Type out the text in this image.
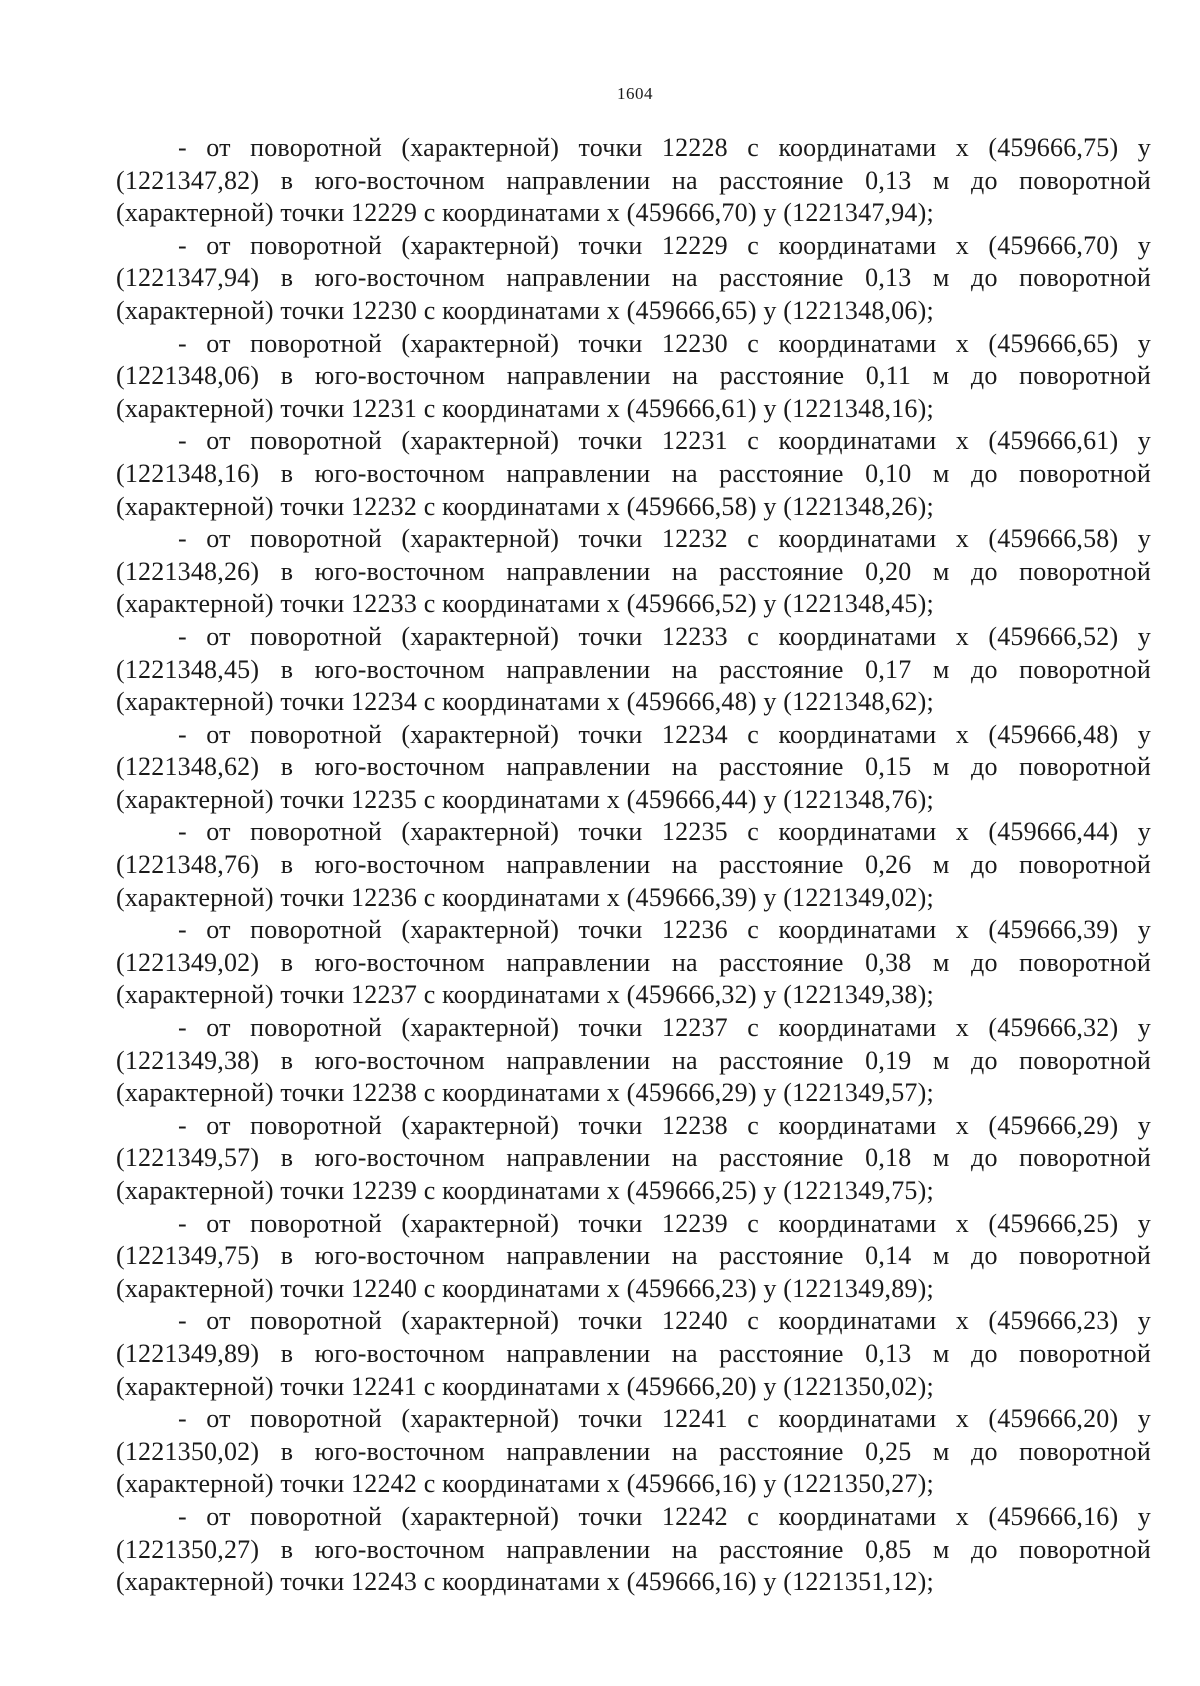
1604

- от поворотной (характерной) точки 12228 с координатами x (459666,75) y (1221347,82) в юго-восточном направлении на расстояние 0,13 м до поворотной (характерной) точки 12229 с координатами x (459666,70) y (1221347,94);

- от поворотной (характерной) точки 12229 с координатами x (459666,70) y (1221347,94) в юго-восточном направлении на расстояние 0,13 м до поворотной (характерной) точки 12230 с координатами x (459666,65) y (1221348,06);

- от поворотной (характерной) точки 12230 с координатами x (459666,65) y (1221348,06) в юго-восточном направлении на расстояние 0,11 м до поворотной (характерной) точки 12231 с координатами x (459666,61) y (1221348,16);

- от поворотной (характерной) точки 12231 с координатами x (459666,61) y (1221348,16) в юго-восточном направлении на расстояние 0,10 м до поворотной (характерной) точки 12232 с координатами x (459666,58) y (1221348,26);

- от поворотной (характерной) точки 12232 с координатами x (459666,58) y (1221348,26) в юго-восточном направлении на расстояние 0,20 м до поворотной (характерной) точки 12233 с координатами x (459666,52) y (1221348,45);

- от поворотной (характерной) точки 12233 с координатами x (459666,52) y (1221348,45) в юго-восточном направлении на расстояние 0,17 м до поворотной (характерной) точки 12234 с координатами x (459666,48) y (1221348,62);

- от поворотной (характерной) точки 12234 с координатами x (459666,48) y (1221348,62) в юго-восточном направлении на расстояние 0,15 м до поворотной (характерной) точки 12235 с координатами x (459666,44) y (1221348,76);

- от поворотной (характерной) точки 12235 с координатами x (459666,44) y (1221348,76) в юго-восточном направлении на расстояние 0,26 м до поворотной (характерной) точки 12236 с координатами x (459666,39) y (1221349,02);

- от поворотной (характерной) точки 12236 с координатами x (459666,39) y (1221349,02) в юго-восточном направлении на расстояние 0,38 м до поворотной (характерной) точки 12237 с координатами x (459666,32) y (1221349,38);

- от поворотной (характерной) точки 12237 с координатами x (459666,32) y (1221349,38) в юго-восточном направлении на расстояние 0,19 м до поворотной (характерной) точки 12238 с координатами x (459666,29) y (1221349,57);

- от поворотной (характерной) точки 12238 с координатами x (459666,29) y (1221349,57) в юго-восточном направлении на расстояние 0,18 м до поворотной (характерной) точки 12239 с координатами x (459666,25) y (1221349,75);

- от поворотной (характерной) точки 12239 с координатами x (459666,25) y (1221349,75) в юго-восточном направлении на расстояние 0,14 м до поворотной (характерной) точки 12240 с координатами x (459666,23) y (1221349,89);

- от поворотной (характерной) точки 12240 с координатами x (459666,23) y (1221349,89) в юго-восточном направлении на расстояние 0,13 м до поворотной (характерной) точки 12241 с координатами x (459666,20) y (1221350,02);

- от поворотной (характерной) точки 12241 с координатами x (459666,20) y (1221350,02) в юго-восточном направлении на расстояние 0,25 м до поворотной (характерной) точки 12242 с координатами x (459666,16) y (1221350,27);

- от поворотной (характерной) точки 12242 с координатами x (459666,16) y (1221350,27) в юго-восточном направлении на расстояние 0,85 м до поворотной (характерной) точки 12243 с координатами x (459666,16) y (1221351,12);
